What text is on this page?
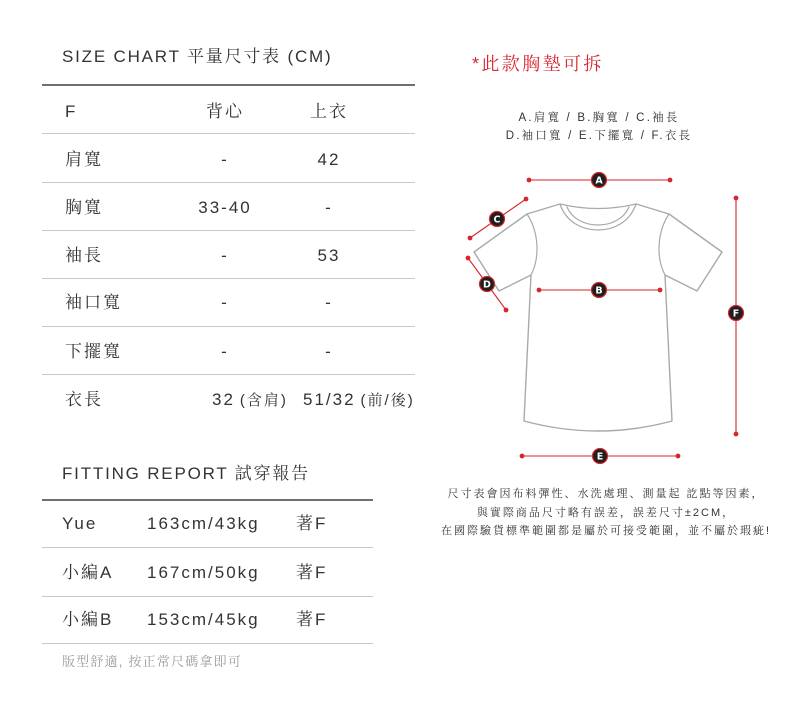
SIZE CHART 平量尺寸表 (CM)
F	背心	上衣
肩寬	-	42
胸寬	33-40	-
袖長	-	53
袖口寬	-	-
下擺寬	-	-
衣長	32 (含肩) 51/32 (前/後)
FITTING REPORT 試穿報告
Yue	163cm/43kg 著F
小編A 167cm/50kg 著F
小編B 153cm/45kg 著F
版型舒適, 按正常尺碼拿即可
*此款胸墊可拆
A.肩寬 / B.胸寬 / C.袖長
D.袖口寬 / E.下擺寬 / F.衣長
A
C
D
B
F
E
尺寸表會因布料彈性、水洗處理、測量起 訖點等因素，
與實際商品尺寸略有誤差，誤差尺寸±2CM，
在國際驗貨標準範圍都是屬於可接受範圍，並不屬於瑕疵!
